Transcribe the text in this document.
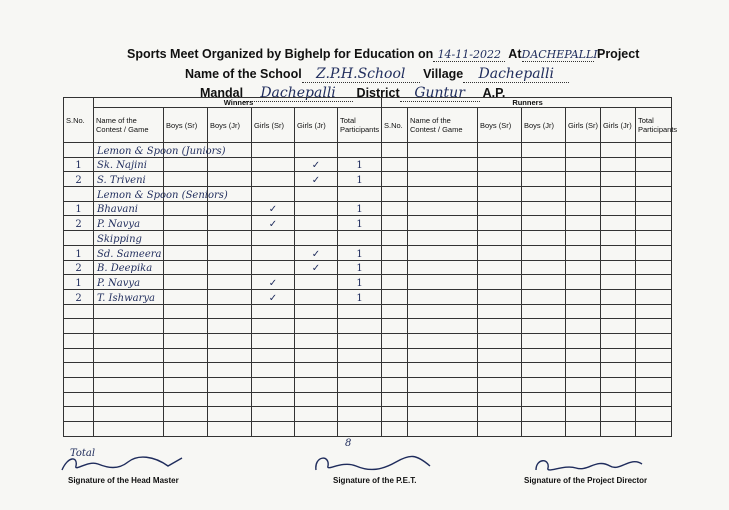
Sports Meet Organized by Bighelp for Education on 14-11-2022 AtDACHEPALLI Project
Name of the School Z.P.H.School Village Dachepalli
Mandal Dachepalli District Guntur A.P.
S.No.	Winners						Runners						
	Name of the Contest / Game	Boys (Sr)	Boys (Jr)	Girls (Sr)	Girls (Jr)	Total Participants	S.No.	Name of the Contest / Game	Boys (Sr)	Boys (Jr)	Girls (Sr)	Girls (Jr)	Total Participants
	Lemon & Spoon (Juniors)												
1	Sk. Najini				✓	1							
2	S. Triveni				✓	1							
	Lemon & Spoon (Seniors)												
1	Bhavani			✓		1							
2	P. Navya			✓		1							
	Skipping												
1	Sd. Sameera				✓	1							
2	B. Deepika				✓	1							
1	P. Navya			✓		1							
2	T. Ishwarya			✓		1							

Total
8
Signature of the Head Master	Signature of the P.E.T.	Signature of the Project Director
